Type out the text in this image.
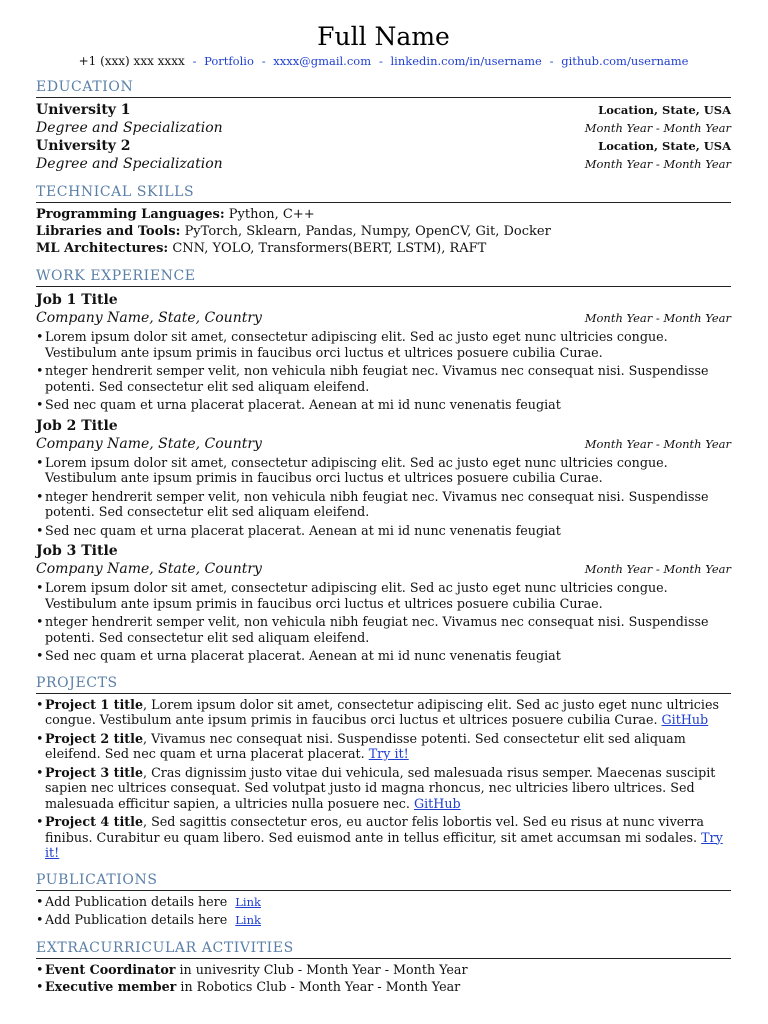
Full Name
+1 (xxx) xxx xxxx - Portfolio - xxxx@gmail.com - linkedin.com/in/username - github.com/username
EDUCATION
University 1	Location, State, USA
Degree and Specialization	Month Year - Month Year
University 2	Location, State, USA
Degree and Specialization	Month Year - Month Year
TECHNICAL SKILLS
Programming Languages: Python, C++
Libraries and Tools: PyTorch, Sklearn, Pandas, Numpy, OpenCV, Git, Docker
ML Architectures: CNN, YOLO, Transformers(BERT, LSTM), RAFT
WORK EXPERIENCE
Job 1 Title
Company Name, State, Country	Month Year - Month Year
• Lorem ipsum dolor sit amet, consectetur adipiscing elit. Sed ac justo eget nunc ultricies congue. Vestibulum ante ipsum primis in faucibus orci luctus et ultrices posuere cubilia Curae.
• nteger hendrerit semper velit, non vehicula nibh feugiat nec. Vivamus nec consequat nisi. Suspendisse potenti. Sed consectetur elit sed aliquam eleifend.
• Sed nec quam et urna placerat placerat. Aenean at mi id nunc venenatis feugiat
Job 2 Title
Company Name, State, Country	Month Year - Month Year
• Lorem ipsum dolor sit amet, consectetur adipiscing elit. Sed ac justo eget nunc ultricies congue. Vestibulum ante ipsum primis in faucibus orci luctus et ultrices posuere cubilia Curae.
• nteger hendrerit semper velit, non vehicula nibh feugiat nec. Vivamus nec consequat nisi. Suspendisse potenti. Sed consectetur elit sed aliquam eleifend.
• Sed nec quam et urna placerat placerat. Aenean at mi id nunc venenatis feugiat
Job 3 Title
Company Name, State, Country	Month Year - Month Year
• Lorem ipsum dolor sit amet, consectetur adipiscing elit. Sed ac justo eget nunc ultricies congue. Vestibulum ante ipsum primis in faucibus orci luctus et ultrices posuere cubilia Curae.
• nteger hendrerit semper velit, non vehicula nibh feugiat nec. Vivamus nec consequat nisi. Suspendisse potenti. Sed consectetur elit sed aliquam eleifend.
• Sed nec quam et urna placerat placerat. Aenean at mi id nunc venenatis feugiat
PROJECTS
• Project 1 title, Lorem ipsum dolor sit amet, consectetur adipiscing elit. Sed ac justo eget nunc ultricies congue. Vestibulum ante ipsum primis in faucibus orci luctus et ultrices posuere cubilia Curae. GitHub
• Project 2 title, Vivamus nec consequat nisi. Suspendisse potenti. Sed consectetur elit sed aliquam eleifend. Sed nec quam et urna placerat placerat. Try it!
• Project 3 title, Cras dignissim justo vitae dui vehicula, sed malesuada risus semper. Maecenas suscipit sapien nec ultrices consequat. Sed volutpat justo id magna rhoncus, nec ultricies libero ultrices. Sed malesuada efficitur sapien, a ultricies nulla posuere nec. GitHub
• Project 4 title, Sed sagittis consectetur eros, eu auctor felis lobortis vel. Sed eu risus at nunc viverra finibus. Curabitur eu quam libero. Sed euismod ante in tellus efficitur, sit amet accumsan mi sodales. Try it!
PUBLICATIONS
• Add Publication details here Link
• Add Publication details here Link
EXTRACURRICULAR ACTIVITIES
• Event Coordinator in univesrity Club - Month Year - Month Year
• Executive member in Robotics Club - Month Year - Month Year
